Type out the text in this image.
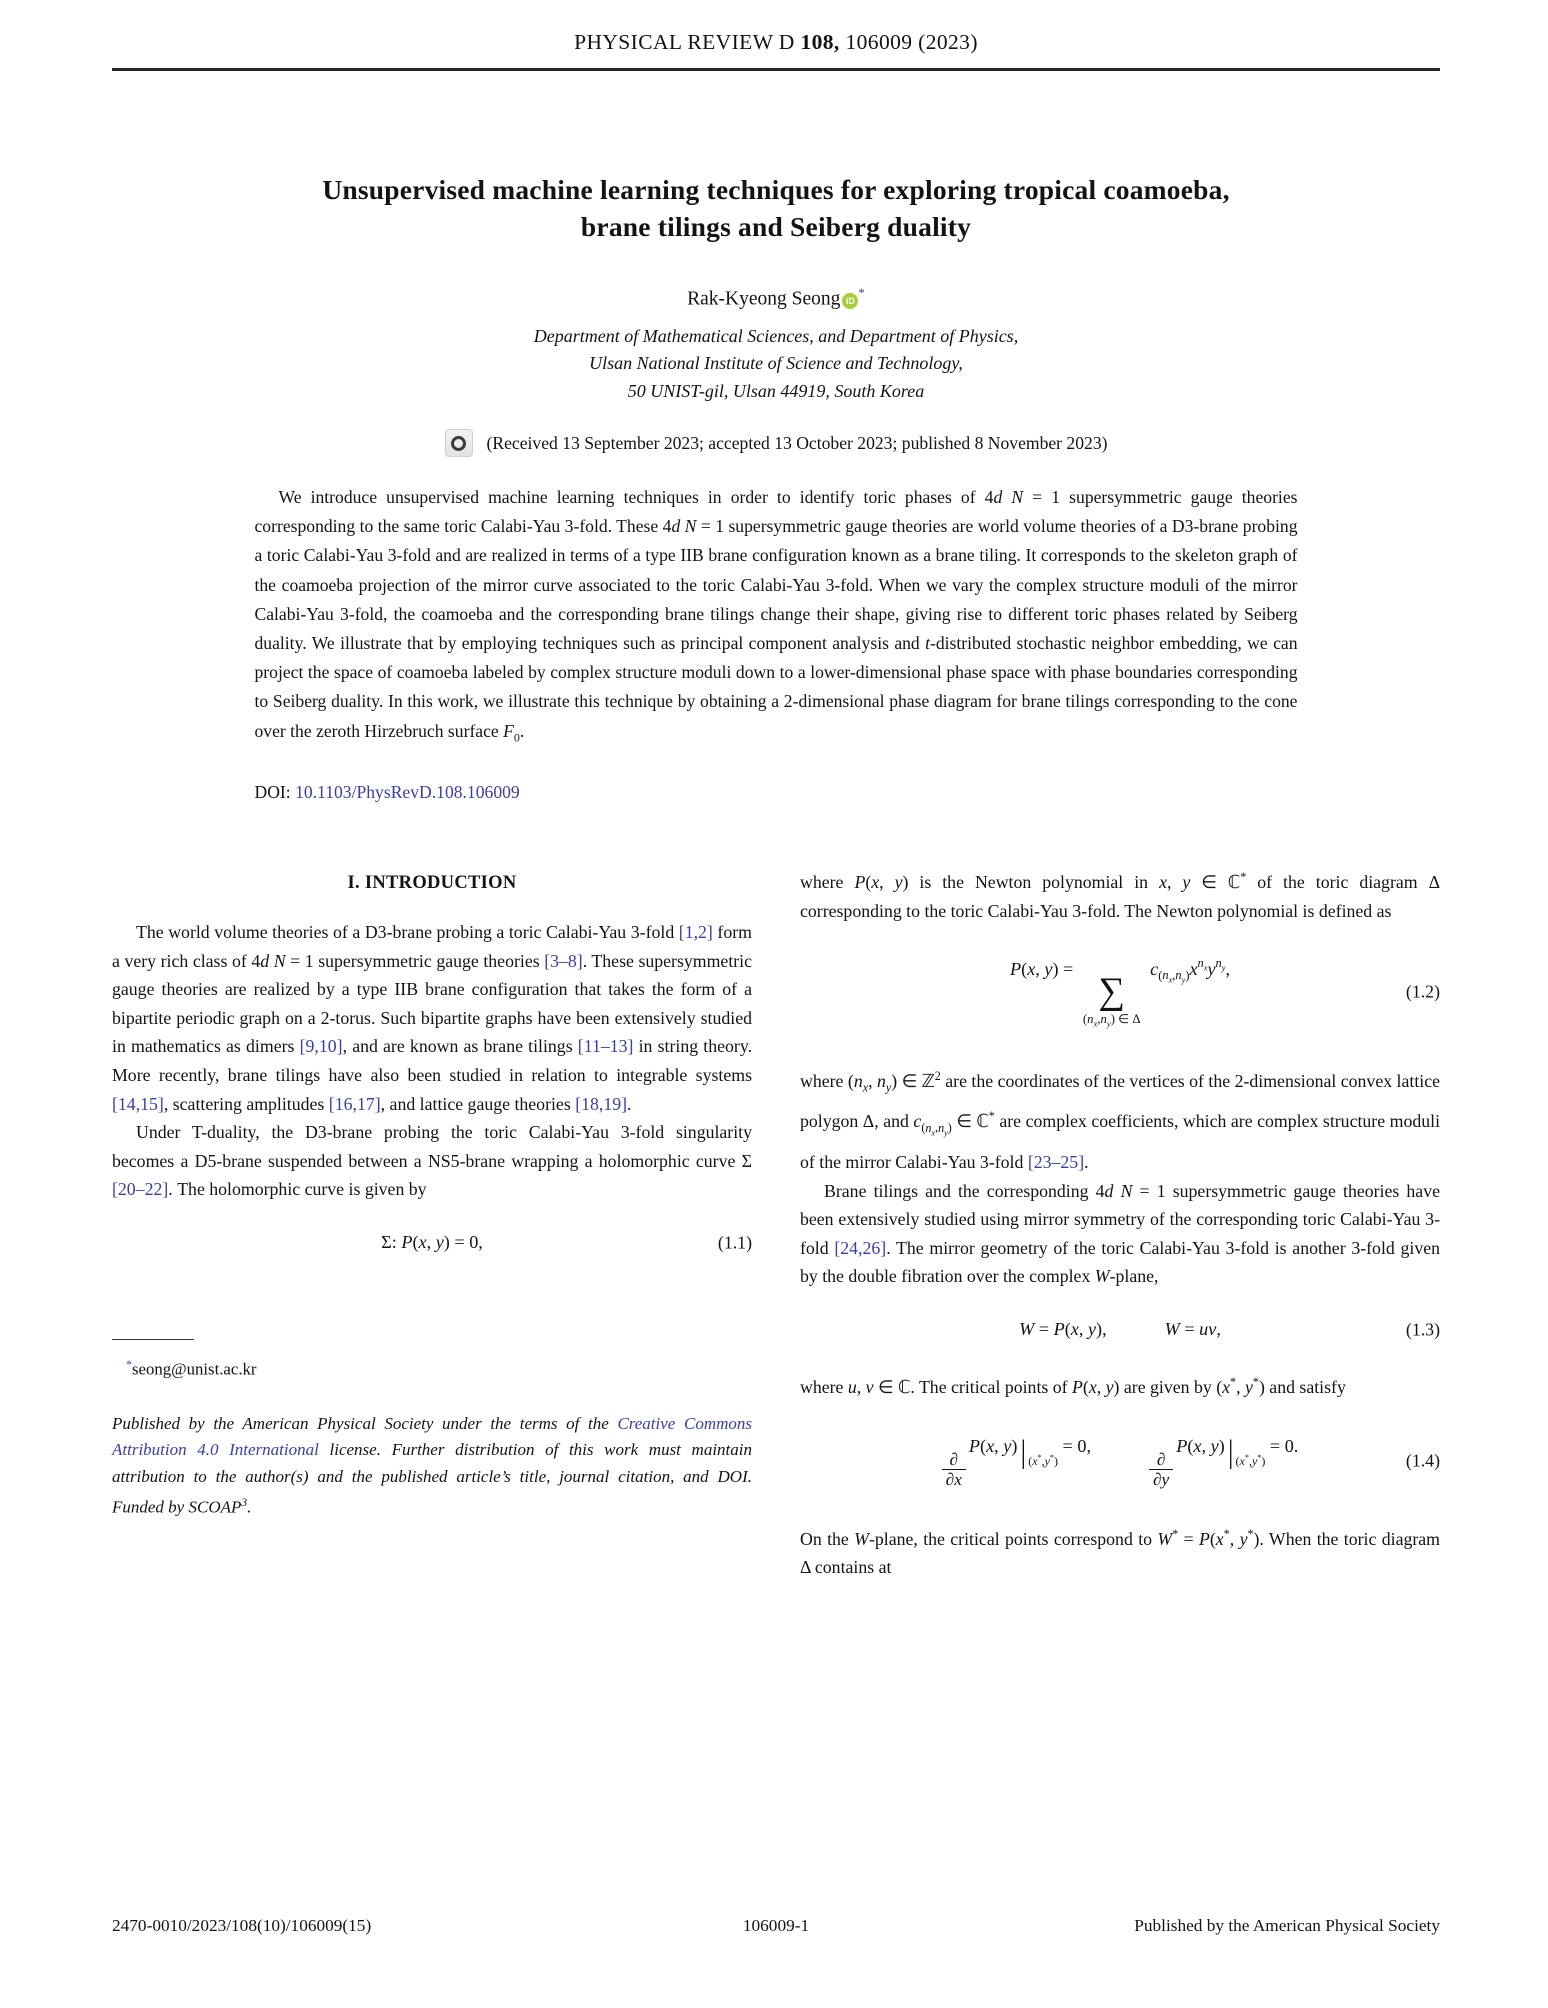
PHYSICAL REVIEW D 108, 106009 (2023)
Unsupervised machine learning techniques for exploring tropical coamoeba,
brane tilings and Seiberg duality
Rak-Kyeong Seong iD*
Department of Mathematical Sciences, and Department of Physics,
Ulsan National Institute of Science and Technology,
50 UNIST-gil, Ulsan 44919, South Korea
(Received 13 September 2023; accepted 13 October 2023; published 8 November 2023)
We introduce unsupervised machine learning techniques in order to identify toric phases of 4d N = 1 supersymmetric gauge theories corresponding to the same toric Calabi-Yau 3-fold. These 4d N = 1 supersymmetric gauge theories are world volume theories of a D3-brane probing a toric Calabi-Yau 3-fold and are realized in terms of a type IIB brane configuration known as a brane tiling. It corresponds to the skeleton graph of the coamoeba projection of the mirror curve associated to the toric Calabi-Yau 3-fold. When we vary the complex structure moduli of the mirror Calabi-Yau 3-fold, the coamoeba and the corresponding brane tilings change their shape, giving rise to different toric phases related by Seiberg duality. We illustrate that by employing techniques such as principal component analysis and t-distributed stochastic neighbor embedding, we can project the space of coamoeba labeled by complex structure moduli down to a lower-dimensional phase space with phase boundaries corresponding to Seiberg duality. In this work, we illustrate this technique by obtaining a 2-dimensional phase diagram for brane tilings corresponding to the cone over the zeroth Hirzebruch surface $F_0$.
DOI: 10.1103/PhysRevD.108.106009
I. INTRODUCTION

The world volume theories of a D3-brane probing a toric Calabi-Yau 3-fold [1,2] form a very rich class of 4d N = 1 supersymmetric gauge theories [3–8]. These supersymmetric gauge theories are realized by a type IIB brane configuration that takes the form of a bipartite periodic graph on a 2-torus. Such bipartite graphs have been extensively studied in mathematics as dimers [9,10], and are known as brane tilings [11–13] in string theory. More recently, brane tilings have also been studied in relation to integrable systems [14,15], scattering amplitudes [16,17], and lattice gauge theories [18,19].

Under T-duality, the D3-brane probing the toric Calabi-Yau 3-fold singularity becomes a D5-brane suspended between a NS5-brane wrapping a holomorphic curve Σ [20–22]. The holomorphic curve is given by

Σ: P(x, y) = 0,	(1.1)
*seong@unist.ac.kr
Published by the American Physical Society under the terms of the Creative Commons Attribution 4.0 International license. Further distribution of this work must maintain attribution to the author(s) and the published article’s title, journal citation, and DOI. Funded by SCOAP$^3$.

where P(x, y) is the Newton polynomial in x, y ∈ ℂ* of the toric diagram Δ corresponding to the toric Calabi-Yau 3-fold. The Newton polynomial is defined as

P(x, y) =
∑
$(n_x,n_y)$ ∈ Δ
$c_{(n_x,n_y)}x^{n_x}y^{n_y}$,
(1.2)

where ($n_x$, $n_y$) ∈ ℤ$^2$ are the coordinates of the vertices of the 2-dimensional convex lattice polygon Δ, and $c_{(n_x,n_y)}$ ∈ ℂ* are complex coefficients, which are complex structure moduli of the mirror Calabi-Yau 3-fold [23–25].

Brane tilings and the corresponding 4d N = 1 supersymmetric gauge theories have been extensively studied using mirror symmetry of the corresponding toric Calabi-Yau 3-fold [24,26]. The mirror geometry of the toric Calabi-Yau 3-fold is another 3-fold given by the double fibration over the complex W-plane,

W = P(x, y),	W = uv,	(1.3)

where u, v ∈ ℂ. The critical points of P(x, y) are given by (x*, y*) and satisfy

$\frac{\partial}{\partial x}$
P(x, $y)|_{(x^*,y^*)} = 0$,
$\frac{\partial}{\partial y}$
P(x, $y)|_{(x^*,y^*)} = 0$.
(1.4)

On the W-plane, the critical points correspond to W* = P(x*, y*). When the toric diagram Δ contains at

106009-1
2470-0010/2023/108(10)/106009(15)	Published by the American Physical Society
